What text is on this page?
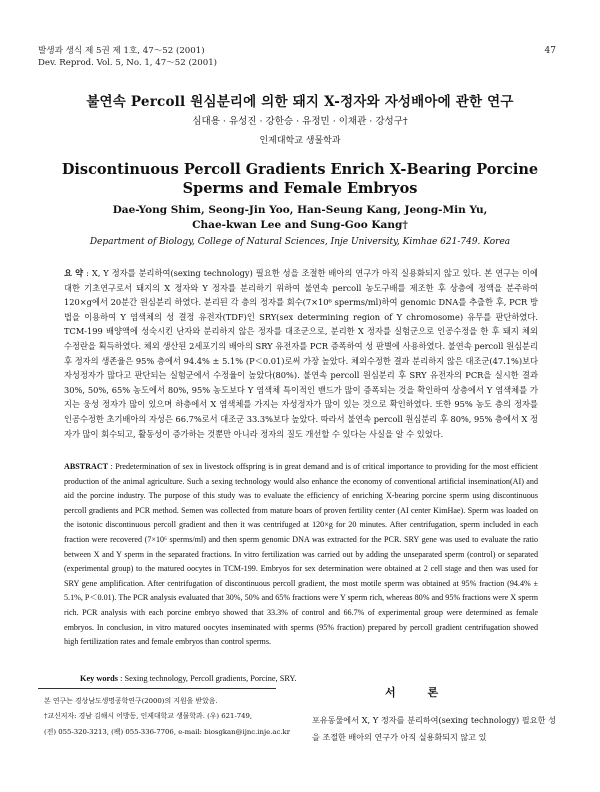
발생과 생식 제 5권 제 1호, 47～52 (2001)
Dev. Reprod. Vol. 5, No. 1, 47～52 (2001)
47
불연속 Percoll 원심분리에 의한 돼지 X-정자와 자성배아에 관한 연구
심대용 · 유성진 · 강한승 · 유정민 · 이채관 · 강성구†
인제대학교 생물학과
Discontinuous Percoll Gradients Enrich X-Bearing Porcine Sperms and Female Embryos
Dae-Yong Shim, Seong-Jin Yoo, Han-Seung Kang, Jeong-Min Yu,
Chae-kwan Lee and Sung-Goo Kang†
Department of Biology, College of Natural Sciences, Inje University, Kimhae 621-749. Korea
요 약 : X, Y 정자를 분리하여(sexing technology) 필요한 성을 조절한 배아의 연구가 아직 실용화되지 않고 있다. 본 연구는 이에 대한 기초연구로서 돼지의 X 정자와 Y 정자를 분리하기 위하여 불연속 percoll 농도구배를 제조한 후 상층에 정액을 분주하여 120×g에서 20분간 원심분리 하였다. 분리된 각 층의 정자를 회수(7×10⁶ sperms/ml)하여 genomic DNA를 추출한 후, PCR 방법을 이용하여 Y 염색체의 성 결정 유전자(TDF)인 SRY(sex determining region of Y chromosome) 유무를 판단하였다. TCM-199 배양액에 성숙시킨 난자와 분리하지 않은 정자를 대조군으로, 분리한 X 정자를 실험군으로 인공수정을 한 후 돼지 체외 수정란을 획득하였다. 체외 생산된 2세포기의 배아의 SRY 유전자를 PCR 증폭하여 성 판별에 사용하였다. 불연속 percoll 원심분리 후 정자의 생존율은 95% 층에서 94.4% ± 5.1% (P＜0.01)로써 가장 높았다. 체외수정한 결과 분리하지 않은 대조군(47.1%)보다 자성정자가 많다고 판단되는 실험군에서 수정율이 높았다(80%). 불연속 percoll 원심분리 후 SRY 유전자의 PCR을 실시한 결과 30%, 50%, 65% 농도에서 80%, 95% 농도보다 Y 염색체 특이적인 밴드가 많이 증폭되는 것을 확인하여 상층에서 Y 염색체를 가지는 웅성 정자가 많이 있으며 하층에서 X 염색체를 가지는 자성정자가 많이 있는 것으로 확인하였다. 또한 95% 농도 층의 정자를 인공수정한 초기배아의 자성은 66.7%로서 대조군 33.3%보다 높았다. 따라서 불연속 percoll 원심분리 후 80%, 95% 층에서 X 정자가 많이 회수되고, 활동성이 증가하는 것뿐만 아니라 정자의 질도 개선할 수 있다는 사실을 알 수 있었다.
ABSTRACT : Predetermination of sex in livestock offspring is in great demand and is of critical importance to providing for the most efficient production of the animal agriculture. Such a sexing technology would also enhance the economy of conventional artificial insemination(AI) and aid the porcine industry. The purpose of this study was to evaluate the efficiency of enriching X-bearing porcine sperm using discontinuous percoll gradients and PCR method. Semen was collected from mature boars of proven fertility center (AI center KimHae). Sperm was loaded on the isotonic discontinuous percoll gradient and then it was centrifuged at 120×g for 20 minutes. After centrifugation, sperm included in each fraction were recovered (7×10⁶ sperms/ml) and then sperm genomic DNA was extracted for the PCR. SRY gene was used to evaluate the ratio between X and Y sperm in the separated fractions. In vitro fertilization was carried out by adding the unseparated sperm (control) or separated (experimental group) to the matured oocytes in TCM-199. Embryos for sex determination were obtained at 2 cell stage and then was used for SRY gene amplification. After centrifugation of discontinuous percoll gradient, the most motile sperm was obtained at 95% fraction (94.4% ± 5.1%, P＜0.01). The PCR analysis evaluated that 30%, 50% and 65% fractions were Y sperm rich, whereas 80% and 95% fractions were X sperm rich. PCR analysis with each porcine embryo showed that 33.3% of control and 66.7% of experimental group were determined as female embryos. In conclusion, in vitro matured oocytes inseminated with sperms (95% fraction) prepared by percoll gradient centrifugation showed high fertilization rates and female embryos than control sperms.
Key words : Sexing technology, Percoll gradients, Porcine, SRY.
본 연구는 경상남도생명공학연구(2000)의 지원을 받았음.
†교신저자: 경남 김해시 어방동, 인제대학교 생물학과. (우) 621-749,
(전) 055-320-3213, (팩) 055-336-7706, e-mail: biosgkan@ijnc.inje.ac.kr
서 론
포유동물에서 X, Y 정자를 분리하여(sexing technology) 필요한 성을 조절한 배아의 연구가 아직 실용화되지 않고 있
